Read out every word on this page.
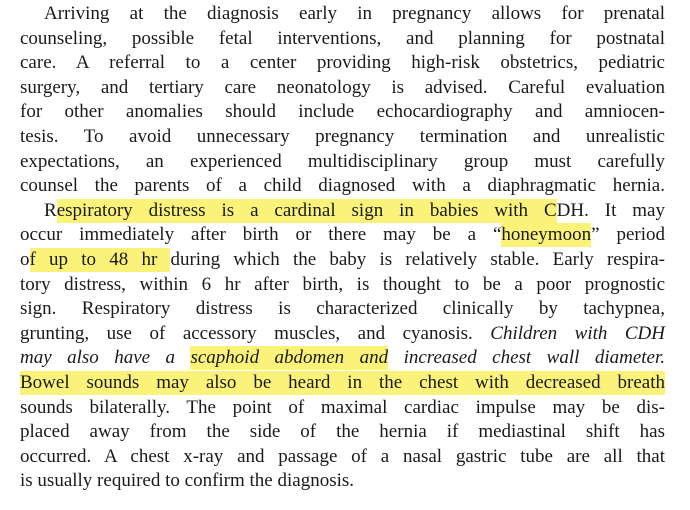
Arriving at the diagnosis early in pregnancy allows for prenatal
counseling, possible fetal interventions, and planning for postnatal
care. A referral to a center providing high-risk obstetrics, pediatric
surgery, and tertiary care neonatology is advised. Careful evaluation
for other anomalies should include echocardiography and amniocen-
tesis. To avoid unnecessary pregnancy termination and unrealistic
expectations, an experienced multidisciplinary group must carefully
counsel the parents of a child diagnosed with a diaphragmatic hernia.
Respiratory distress is a cardinal sign in babies with CDH. It may
occur immediately after birth or there may be a “honeymoon” period
of up to 48 hr during which the baby is relatively stable. Early respira-
tory distress, within 6 hr after birth, is thought to be a poor prognostic
sign. Respiratory distress is characterized clinically by tachypnea,
grunting, use of accessory muscles, and cyanosis. Children with CDH
may also have a scaphoid abdomen and increased chest wall diameter.
Bowel sounds may also be heard in the chest with decreased breath
sounds bilaterally. The point of maximal cardiac impulse may be dis-
placed away from the side of the hernia if mediastinal shift has
occurred. A chest x-ray and passage of a nasal gastric tube are all that
is usually required to confirm the diagnosis.
